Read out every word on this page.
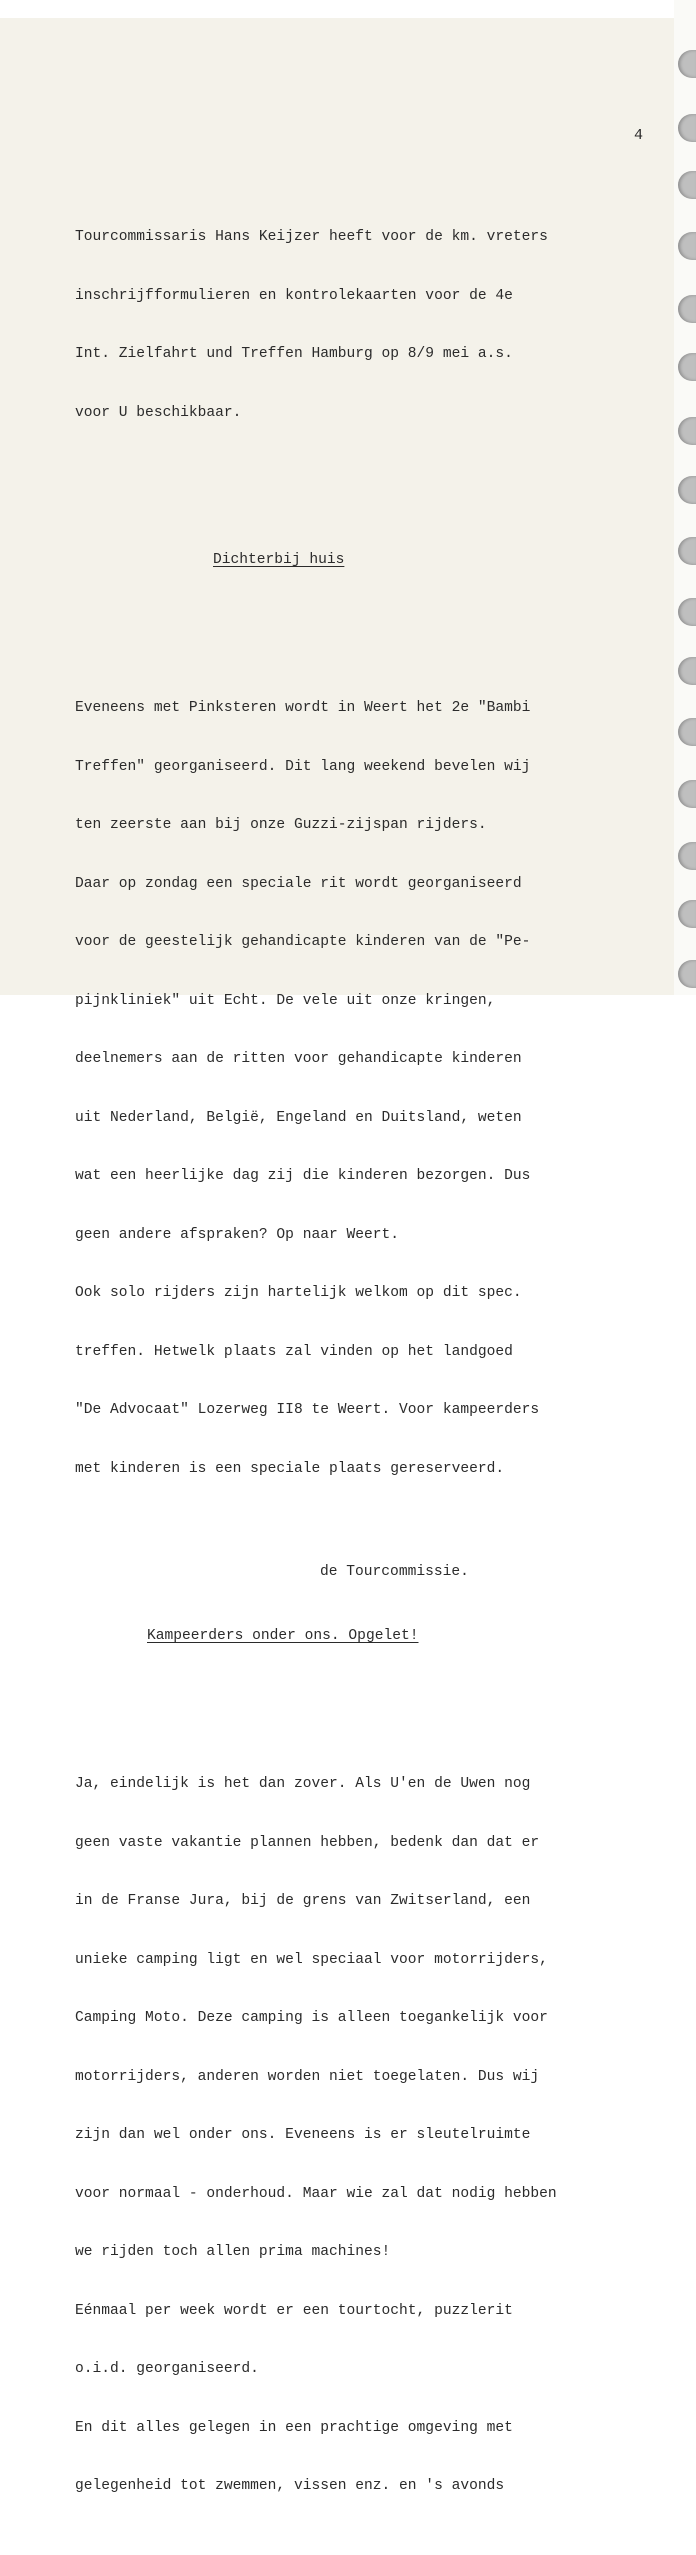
4

Tourcommissaris Hans Keijzer heeft voor de km. vreters

inschrijfformulieren en kontrolekaarten voor de 4e

Int. Zielfahrt und Treffen Hamburg op 8/9 mei a.s.

voor U beschikbaar.

Dichterbij huis

Eveneens met Pinksteren wordt in Weert het 2e "Bambi

Treffen" georganiseerd. Dit lang weekend bevelen wij

ten zeerste aan bij onze Guzzi-zijspan rijders.

Daar op zondag een speciale rit wordt georganiseerd

voor de geestelijk gehandicapte kinderen van de "Pe-

pijnkliniek" uit Echt. De vele uit onze kringen,

deelnemers aan de ritten voor gehandicapte kinderen

uit Nederland, België, Engeland en Duitsland, weten

wat een heerlijke dag zij die kinderen bezorgen. Dus

geen andere afspraken? Op naar Weert.

Ook solo rijders zijn hartelijk welkom op dit spec.

treffen. Hetwelk plaats zal vinden op het landgoed

"De Advocaat" Lozerweg II8 te Weert. Voor kampeerders

met kinderen is een speciale plaats gereserveerd.

de Tourcommissie.

Kampeerders onder ons. Opgelet!

Ja, eindelijk is het dan zover. Als U'en de Uwen nog

geen vaste vakantie plannen hebben, bedenk dan dat er

in de Franse Jura, bij de grens van Zwitserland, een

unieke camping ligt en wel speciaal voor motorrijders,

Camping Moto. Deze camping is alleen toegankelijk voor

motorrijders, anderen worden niet toegelaten. Dus wij

zijn dan wel onder ons. Eveneens is er sleutelruimte

voor normaal - onderhoud. Maar wie zal dat nodig hebben

we rijden toch allen prima machines!

Eénmaal per week wordt er een tourtocht, puzzlerit

o.i.d. georganiseerd.

En dit alles gelegen in een prachtige omgeving met

gelegenheid tot zwemmen, vissen enz. en 's avonds
